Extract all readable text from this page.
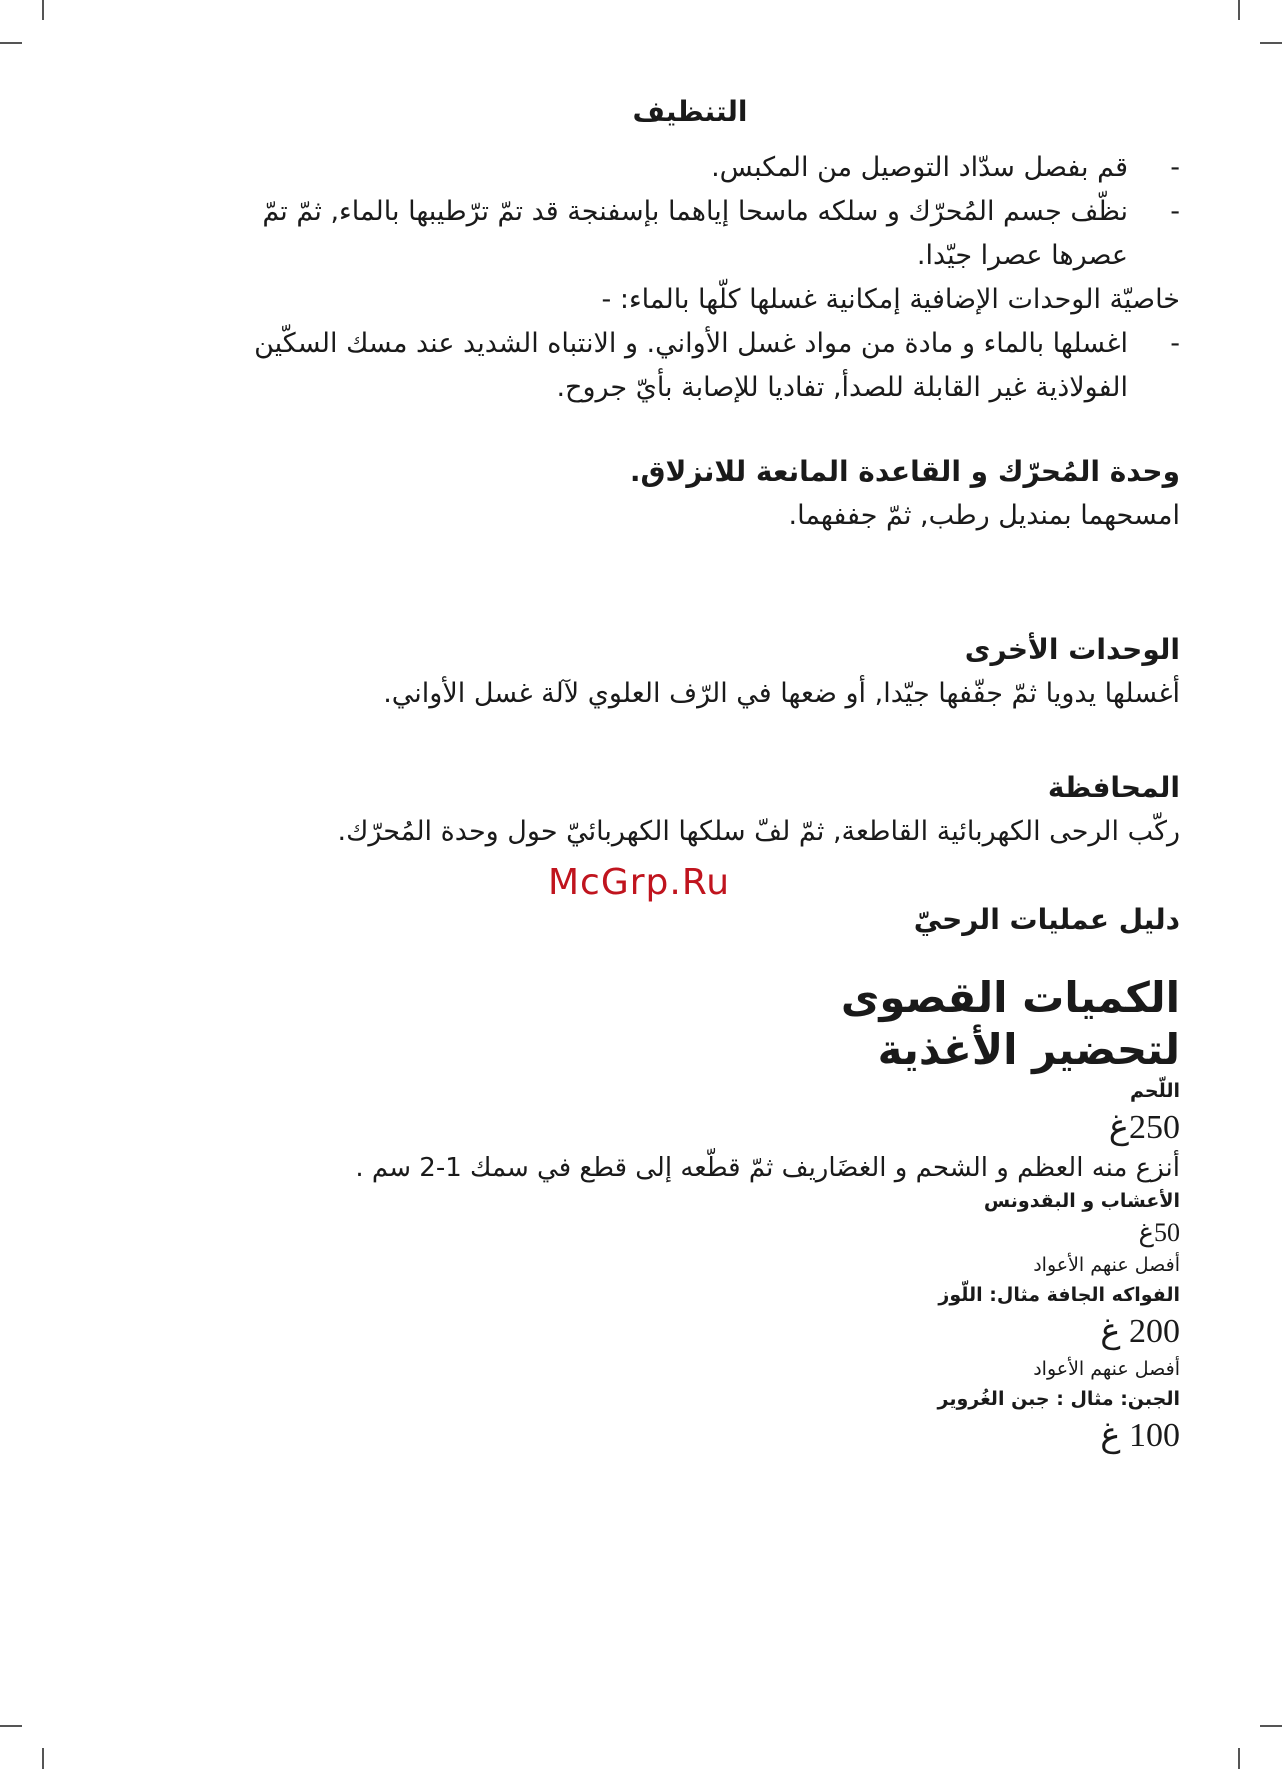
McGrp.Ru
التنظيف
-
قم بفصل سدّاد التوصيل من المكبس.
-
نظّف جسم المُحرّك و سلكه ماسحا إياهما بإسفنجة قد تمّ ترّطيبها بالماء, ثمّ تمّ عصرها عصرا جيّدا.
خاصيّة الوحدات الإضافية إمكانية غسلها كلّها بالماء: -
-
اغسلها بالماء و مادة من مواد غسل الأواني. و الانتباه الشديد عند مسك السكّين الفولاذية غير القابلة للصدأ, تفاديا للإصابة بأيّ جروح.
وحدة المُحرّك و القاعدة المانعة للانزلاق.
امسحهما بمنديل رطب, ثمّ جففهما.
الوحدات الأخرى
أغسلها يدويا ثمّ جفّفها جيّدا, أو ضعها في الرّف العلوي لآلة غسل الأواني.
المحافظة
ركّب الرحى الكهربائية القاطعة, ثمّ لفّ سلكها الكهربائيّ حول وحدة المُحرّك.
دليل عمليات الرحيّ
الكميات القصوى
لتحضير الأغذية
اللّحم
250غ
أنزع منه العظم و الشحم و الغضَاريف ثمّ قطّعه إلى قطع في سمك 1-2 سم .
الأعشاب و البقدونس
50غ
أفصل عنهم الأعواد
الفواكه الجافة مثال: اللّوز
200 غ
أفصل عنهم الأعواد
الجبن: مثال : جبن الغُروير
100 غ
